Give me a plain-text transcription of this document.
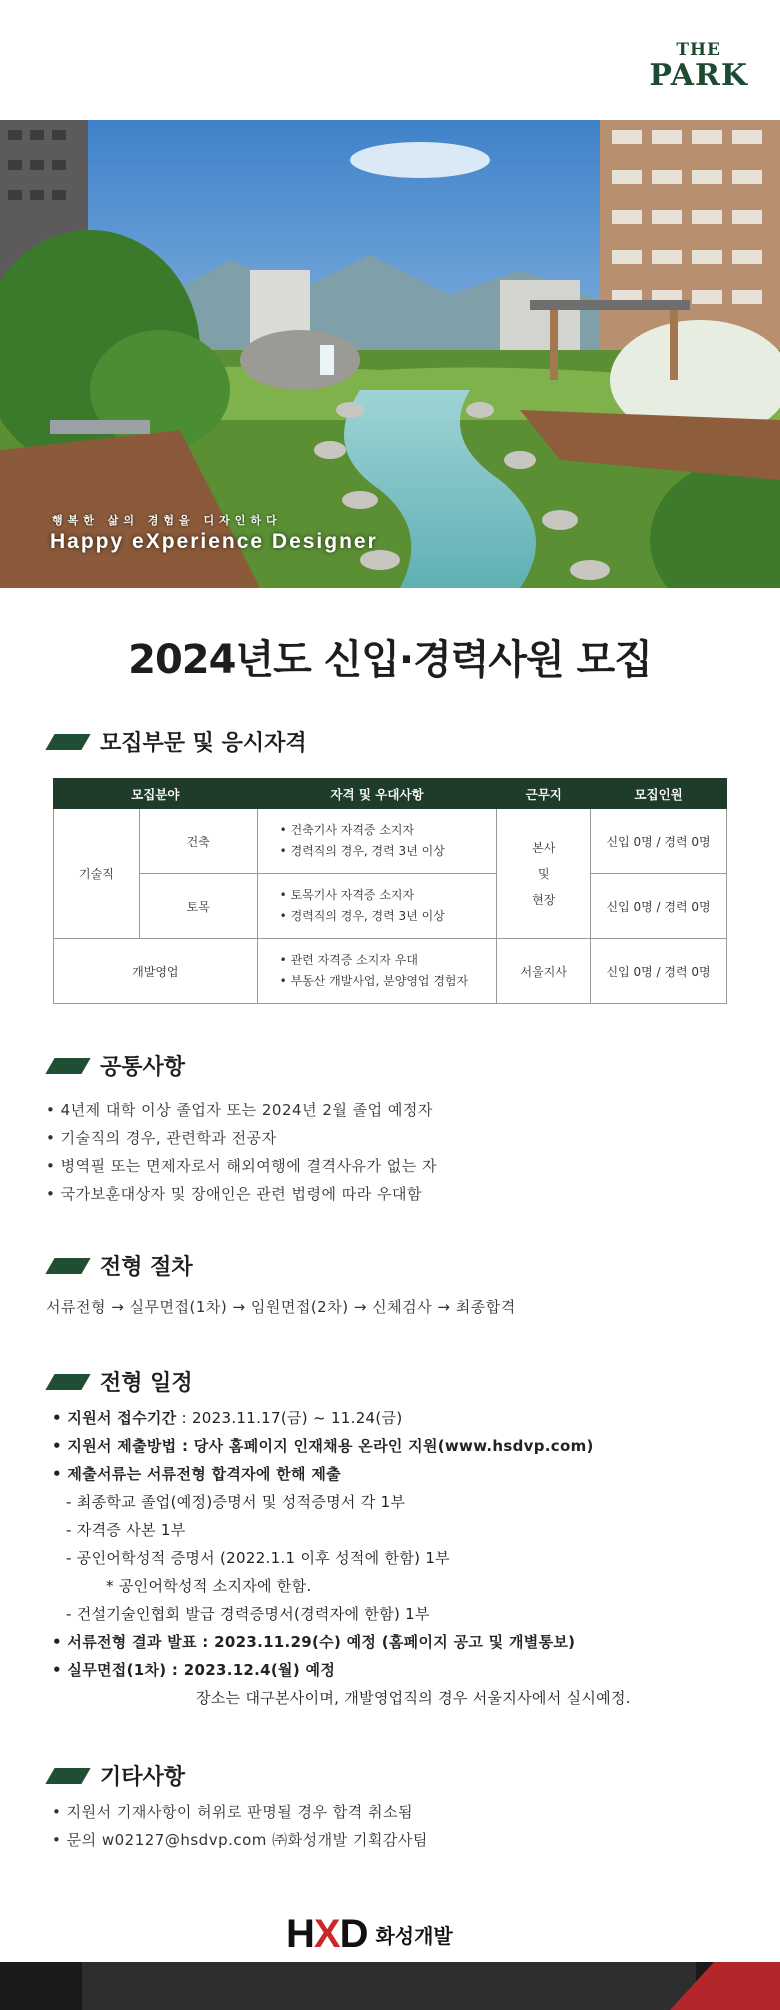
THE
PARK
행복한 삶의 경험을 디자인하다
Happy eXperience Designer
2024년도 신입·경력사원 모집
모집부문 및 응시자격
모집분야		자격 및 우대사항	근무지	모집인원
기술직	건축	• 건축기사 자격증 소지자
• 경력직의 경우, 경력 3년 이상	본사
및
현장	신입 0명 / 경력 0명
	토목	• 토목기사 자격증 소지자
• 경력직의 경우, 경력 3년 이상		신입 0명 / 경력 0명
개발영업		• 관련 자격증 소지자 우대
• 부동산 개발사업, 분양영업 경험자	서울지사	신입 0명 / 경력 0명
공통사항
• 4년제 대학 이상 졸업자 또는 2024년 2월 졸업 예정자
• 기술직의 경우, 관련학과 전공자
• 병역필 또는 면제자로서 해외여행에 결격사유가 없는 자
• 국가보훈대상자 및 장애인은 관련 법령에 따라 우대함
전형 절차
서류전형 → 실무면접(1차) → 임원면접(2차) → 신체검사 → 최종합격
전형 일정
• 지원서 접수기간 : 2023.11.17(금) ~ 11.24(금)
• 지원서 제출방법 : 당사 홈페이지 인재채용 온라인 지원(www.hsdvp.com)
• 제출서류는 서류전형 합격자에 한해 제출
- 최종학교 졸업(예정)증명서 및 성적증명서 각 1부
- 자격증 사본 1부
- 공인어학성적 증명서 (2022.1.1 이후 성적에 한함) 1부
* 공인어학성적 소지자에 한함.
- 건설기술인협회 발급 경력증명서(경력자에 한함) 1부
• 서류전형 결과 발표 : 2023.11.29(수) 예정 (홈페이지 공고 및 개별통보)
• 실무면접(1차) : 2023.12.4(월) 예정
장소는 대구본사이며, 개발영업직의 경우 서울지사에서 실시예정.
기타사항
• 지원서 기재사항이 허위로 판명될 경우 합격 취소됨
• 문의 w02127@hsdvp.com ㈜화성개발 기획감사팀
HXD 화성개발
